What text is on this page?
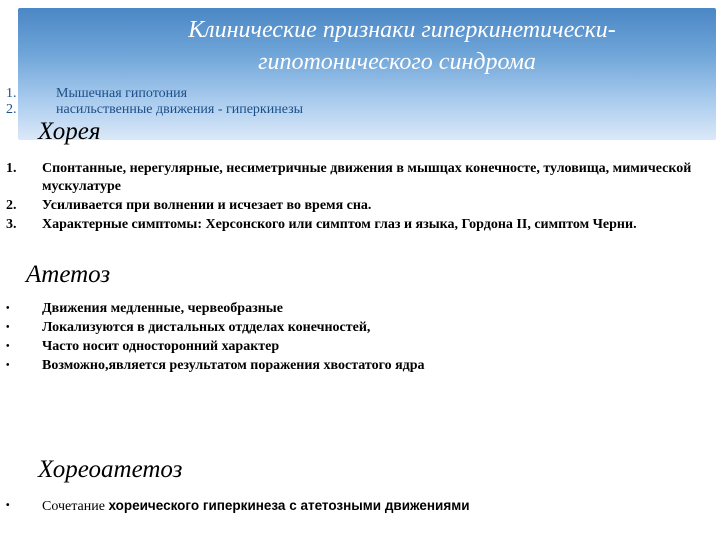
Клинические признаки гиперкинетически-
гипотонического синдрома
1.	Мышечная гипотония
2.	насильственные движения - гиперкинезы
Хорея
1. Спонтанные, нерегулярные, несиметричные движения в мышцах конечносте, туловища, мимической мускулатуре
2. Усиливается при волнении и исчезает во время сна.
3. Характерные симптомы: Херсонского или симптом глаз и языка, Гордона II, симптом Черни.
Атетоз
• Движения медленные, червеобразные
• Локализуются в дистальных отдделах конечностей,
• Часто носит односторонний характер
• Возможно,является результатом поражения хвостатого ядра
Хореоатетоз
• Сочетание хореического гиперкинеза с атетозными движениями
